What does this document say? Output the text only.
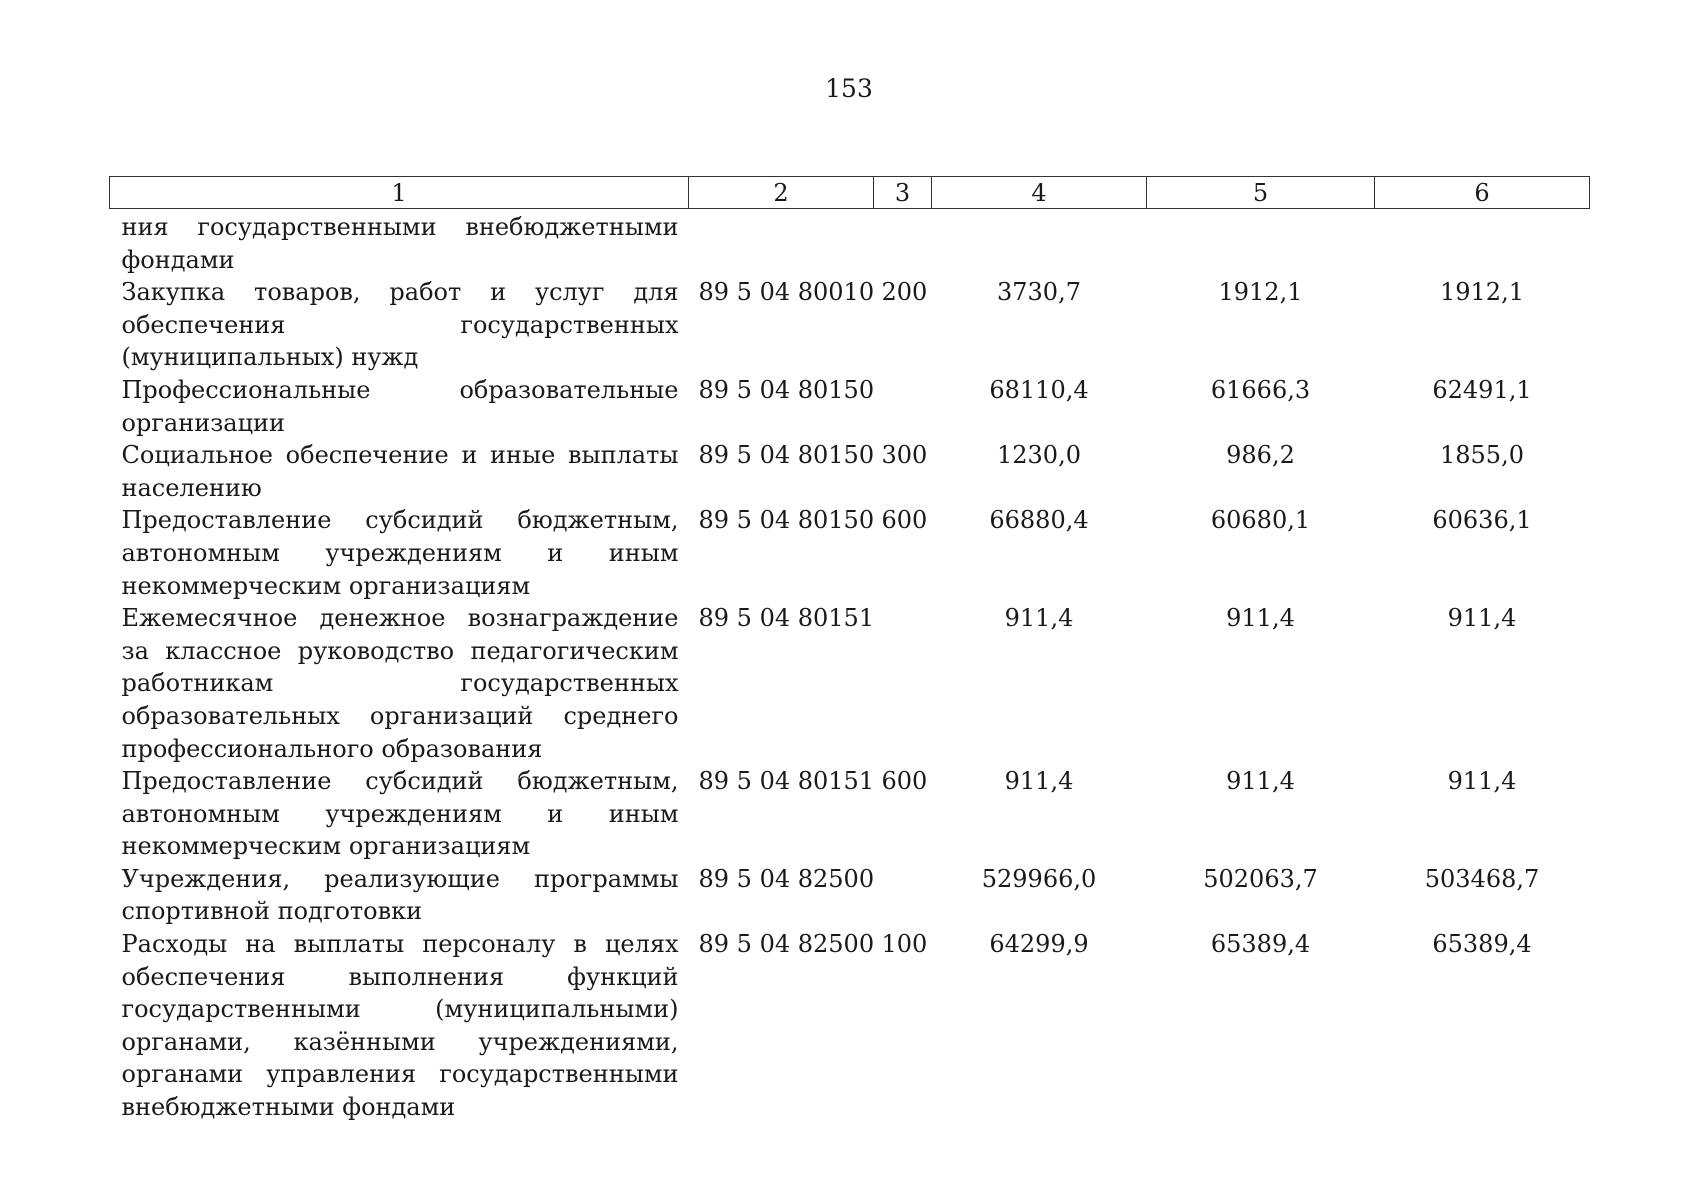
153
1	2	3	4	5	6
ния государственными внебюджетными фондами					
Закупка товаров, работ и услуг для обеспечения государственных (муниципальных) нужд	89 5 04 80010	200	3730,7	1912,1	1912,1
Профессиональные образовательные организации	89 5 04 80150		68110,4	61666,3	62491,1
Социальное обеспечение и иные выплаты населению	89 5 04 80150	300	1230,0	986,2	1855,0
Предоставление субсидий бюджетным, автономным учреждениям и иным некоммерческим организациям	89 5 04 80150	600	66880,4	60680,1	60636,1
Ежемесячное денежное вознаграждение за классное руководство педагогическим работникам государственных образовательных организаций среднего профессионального образования	89 5 04 80151		911,4	911,4	911,4
Предоставление субсидий бюджетным, автономным учреждениям и иным некоммерческим организациям	89 5 04 80151	600	911,4	911,4	911,4
Учреждения, реализующие программы спортивной подготовки	89 5 04 82500		529966,0	502063,7	503468,7
Расходы на выплаты персоналу в целях обеспечения выполнения функций государственными (муниципальными) органами, казёнными учреждениями, органами управления государственными внебюджетными фондами	89 5 04 82500	100	64299,9	65389,4	65389,4
